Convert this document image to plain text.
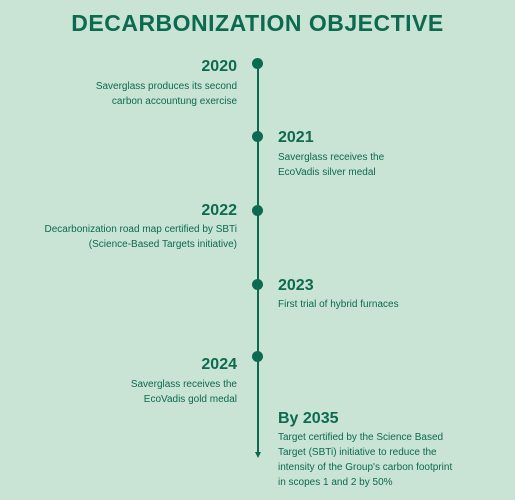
DECARBONIZATION OBJECTIVE
2020
Saverglass produces its second
carbon accountung exercise
2021
Saverglass receives the
EcoVadis silver medal
2022
Decarbonization road map certified by SBTi
(Science-Based Targets initiative)
2023
First trial of hybrid furnaces
2024
Saverglass receives the
EcoVadis gold medal
By 2035
Target certified by the Science Based
Target (SBTi) initiative to reduce the
intensity of the Group's carbon footprint
in scopes 1 and 2 by 50%
